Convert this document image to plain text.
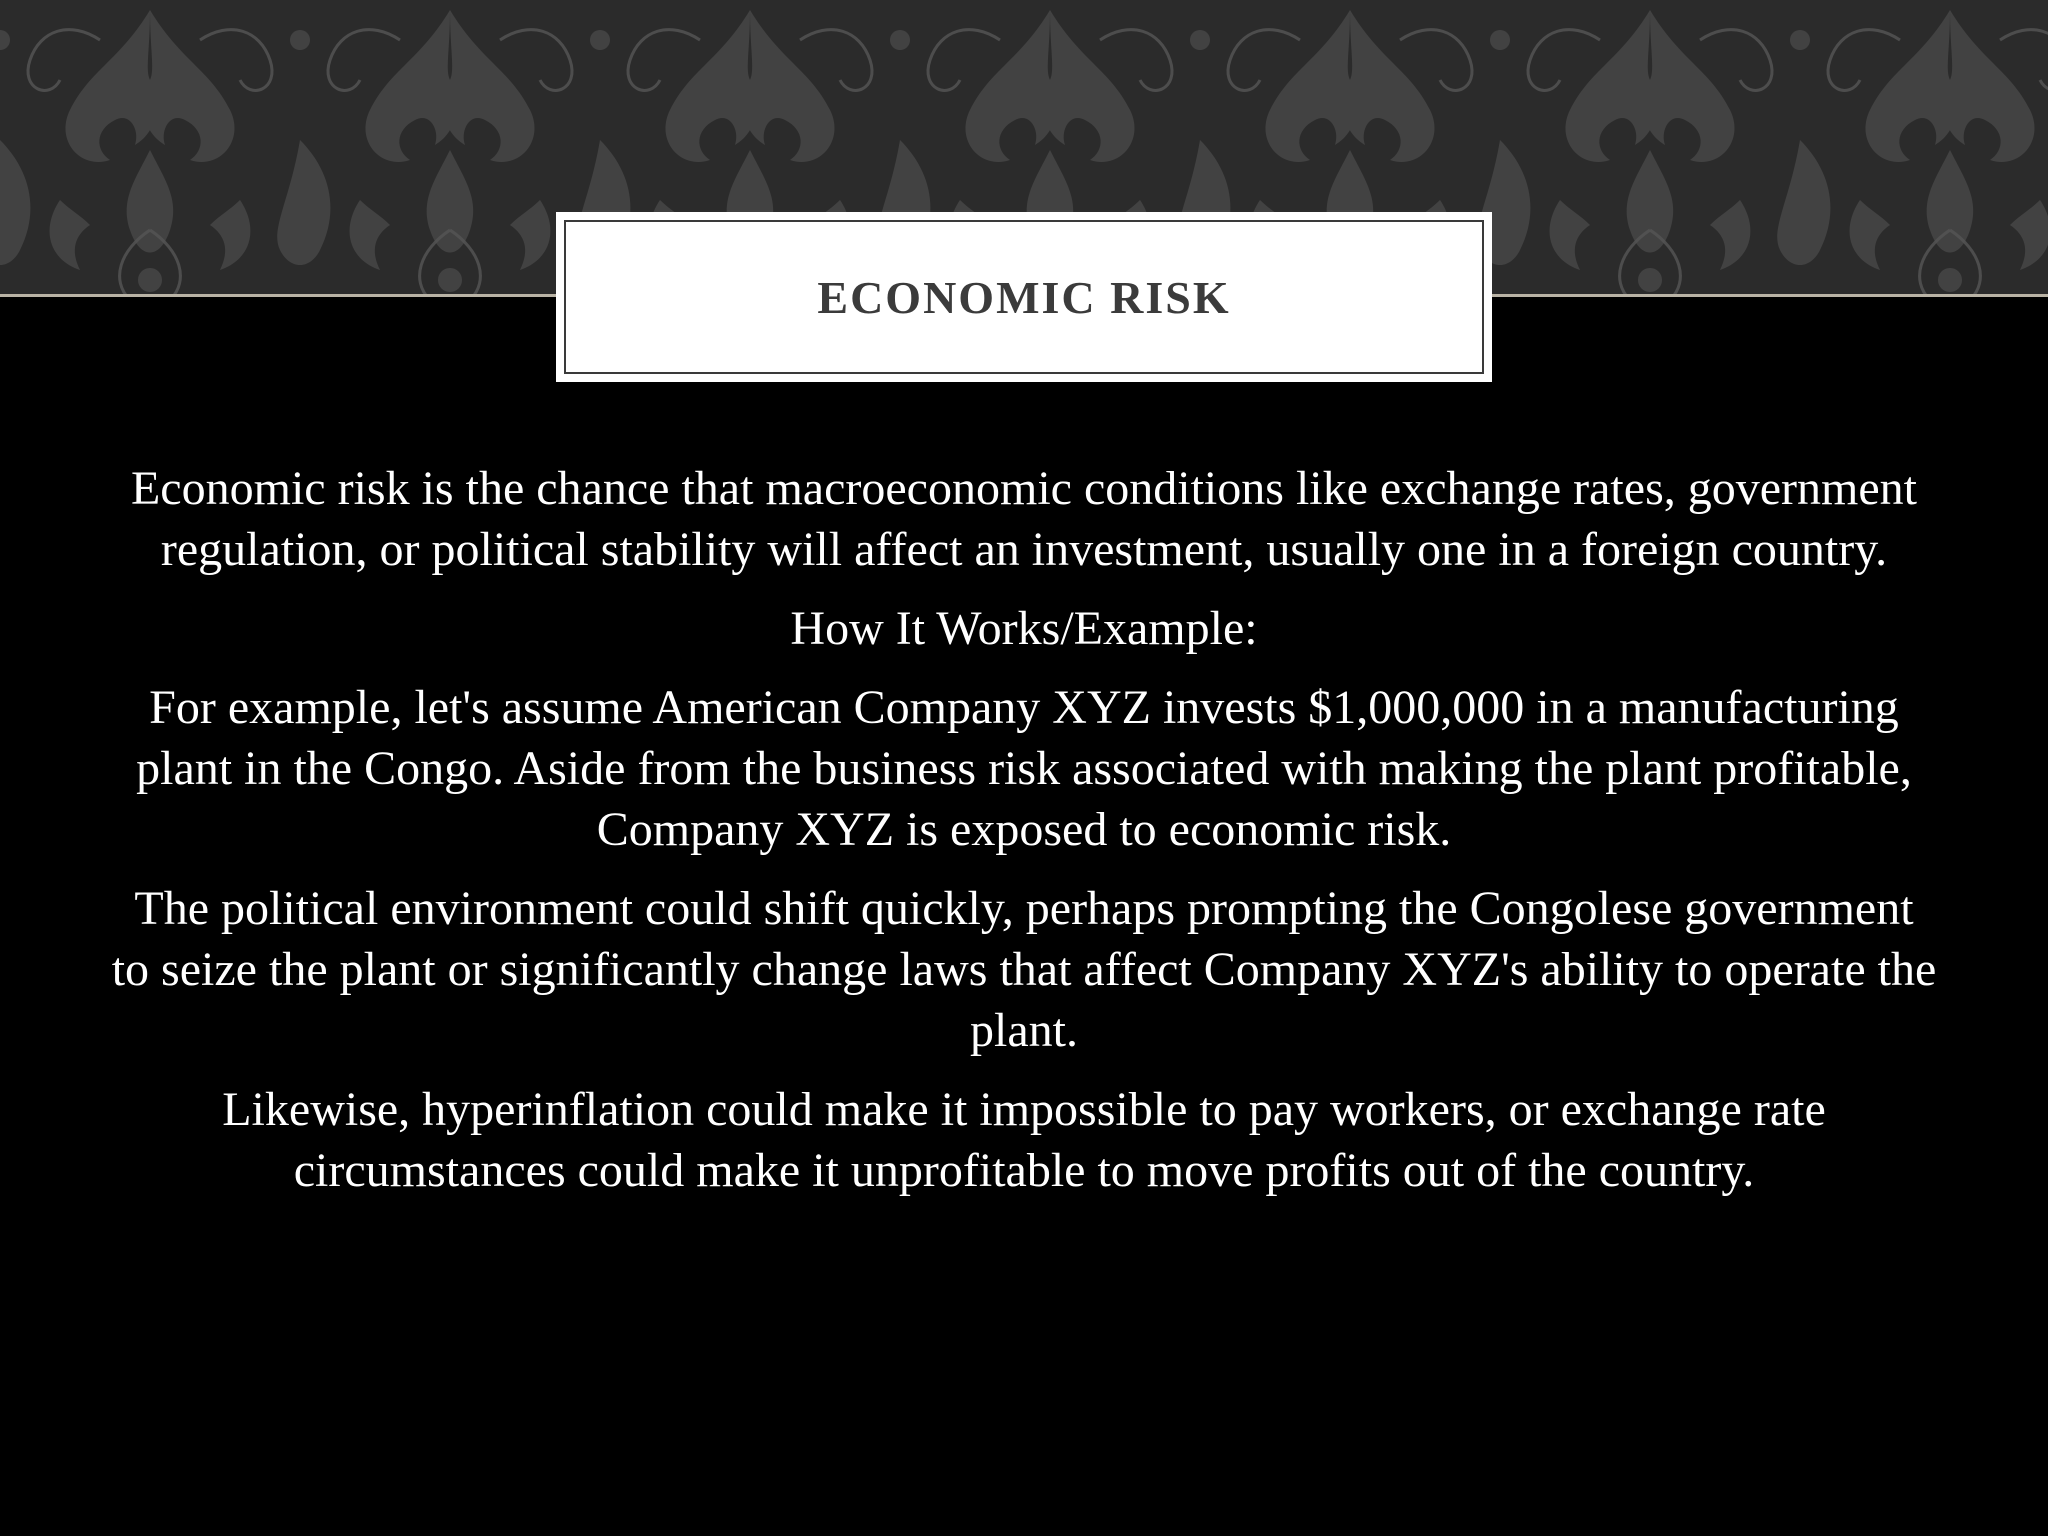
ECONOMIC RISK

Economic risk is the chance that macroeconomic conditions like exchange rates, government regulation, or political stability will affect an investment, usually one in a foreign country.

How It Works/Example:

For example, let's assume American Company XYZ invests $1,000,000 in a manufacturing plant in the Congo. Aside from the business risk associated with making the plant profitable, Company XYZ is exposed to economic risk.

The political environment could shift quickly, perhaps prompting the Congolese government to seize the plant or significantly change laws that affect Company XYZ's ability to operate the plant.

Likewise, hyperinflation could make it impossible to pay workers, or exchange rate circumstances could make it unprofitable to move profits out of the country.
